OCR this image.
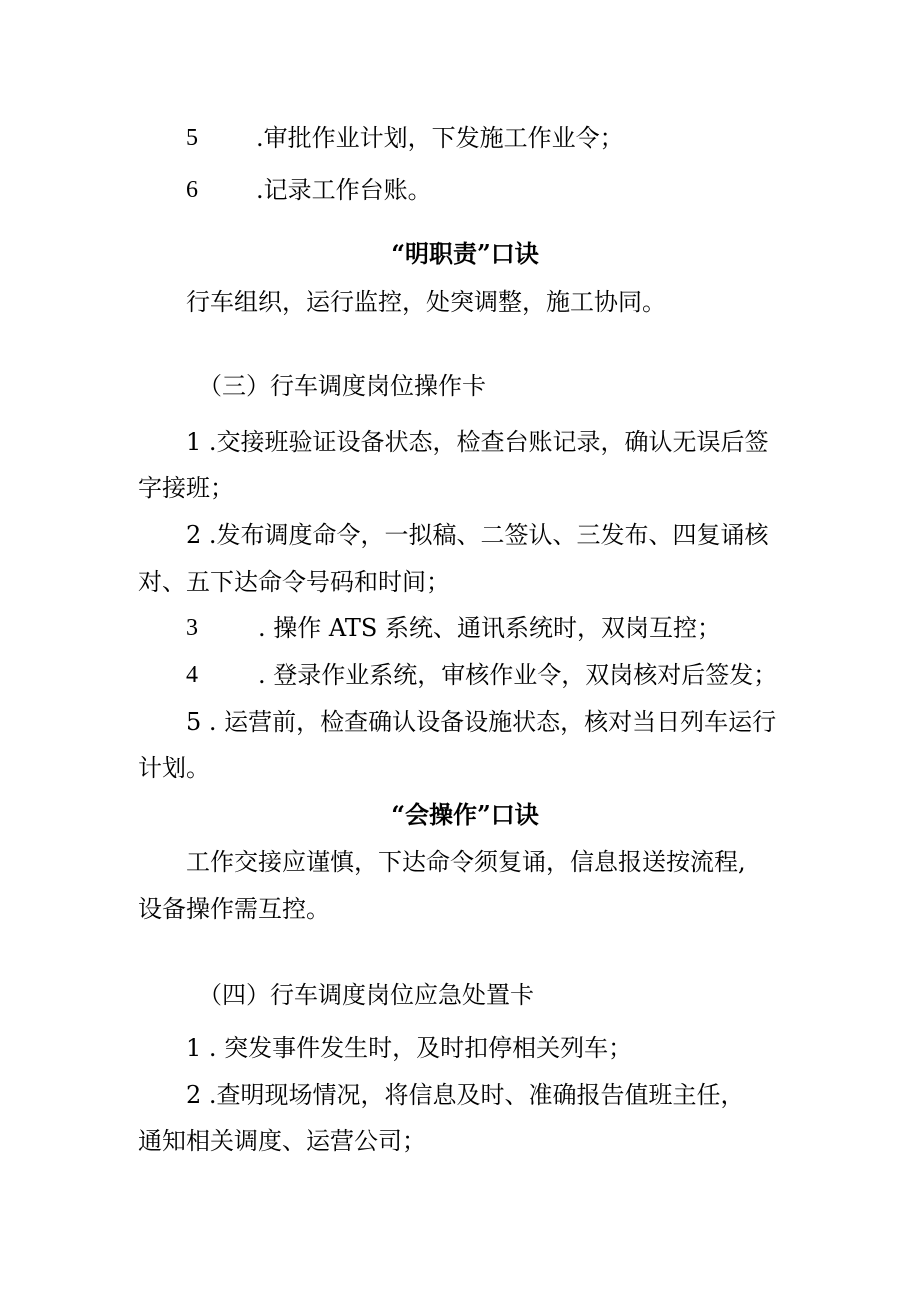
5 .审批作业计划，下发施工作业令；
6 .记录工作台账。
“明职责”口诀
行车组织，运行监控，处突调整，施工协同。
（三）行车调度岗位操作卡
1 .交接班验证设备状态，检查台账记录，确认无误后签
字接班；
2 .发布调度命令，一拟稿、二签认、三发布、四复诵核
对、五下达命令号码和时间；
3	. 操作 ATS 系统、通讯系统时，双岗互控；
4	. 登录作业系统，审核作业令，双岗核对后签发；
5 . 运营前，检查确认设备设施状态，核对当日列车运行
计划。
“会操作”口诀
工作交接应谨慎，下达命令须复诵，信息报送按流程,
设备操作需互控。
（四）行车调度岗位应急处置卡
1 . 突发事件发生时，及时扣停相关列车；
2 .查明现场情况，将信息及时、准确报告值班主任，
通知相关调度、运营公司；
